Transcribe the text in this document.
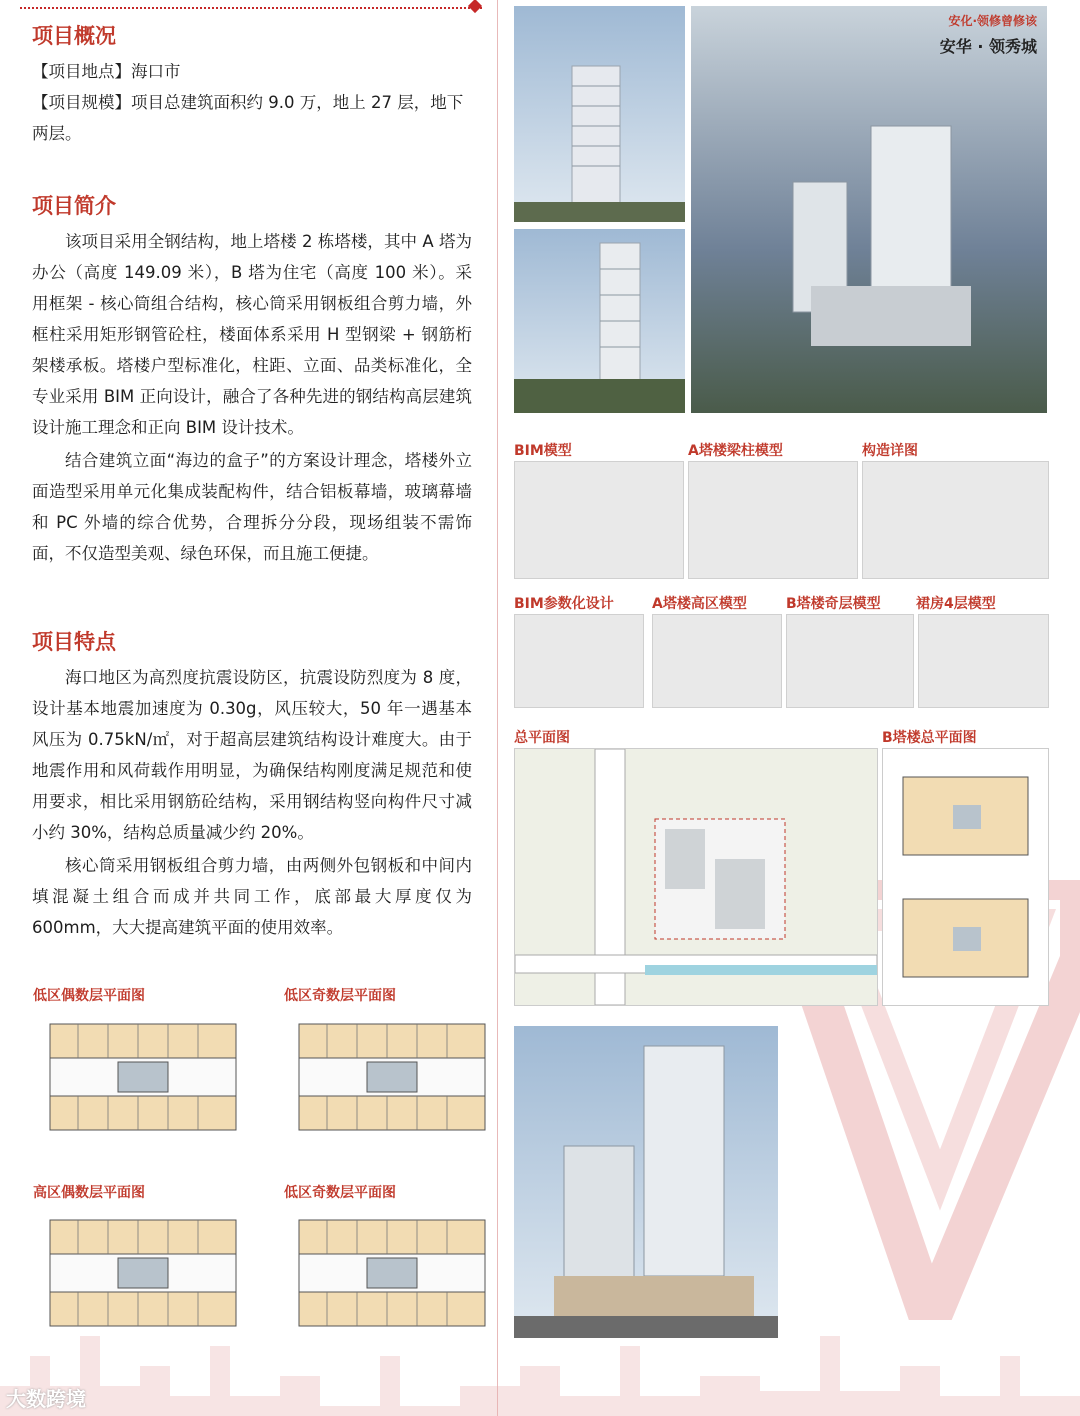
项目概况
【项目地点】海口市
【项目规模】项目总建筑面积约 9.0 万，地上 27 层，地下
两层。
项目简介
该项目采用全钢结构，地上塔楼 2 栋塔楼，其中 A 塔为办公（高度 149.09 米），B 塔为住宅（高度 100 米）。采用框架 - 核心筒组合结构，核心筒采用钢板组合剪力墙，外框柱采用矩形钢管砼柱，楼面体系采用 H 型钢梁 + 钢筋桁架楼承板。塔楼户型标准化，柱距、立面、品类标准化，全专业采用 BIM 正向设计，融合了各种先进的钢结构高层建筑设计施工理念和正向 BIM 设计技术。
结合建筑立面“海边的盒子”的方案设计理念，塔楼外立面造型采用单元化集成装配构件，结合铝板幕墙，玻璃幕墙和 PC 外墙的综合优势，合理拆分分段，现场组装不需饰面，不仅造型美观、绿色环保，而且施工便捷。
项目特点
海口地区为高烈度抗震设防区，抗震设防烈度为 8 度，设计基本地震加速度为 0.30g，风压较大，50 年一遇基本风压为 0.75kN/㎡，对于超高层建筑结构设计难度大。由于地震作用和风荷载作用明显，为确保结构刚度满足规范和使用要求，相比采用钢筋砼结构，采用钢结构竖向构件尺寸减小约 30%，结构总质量减少约 20%。
核心筒采用钢板组合剪力墙，由两侧外包钢板和中间内填混凝土组合而成并共同工作，底部最大厚度仅为 600mm，大大提高建筑平面的使用效率。
低区偶数层平面图	低区奇数层平面图
高区偶数层平面图	低区奇数层平面图
安化·领修曾修该
安华 · 领秀城
BIM模型	A塔楼梁柱模型	构造详图
BIM参数化设计	A塔楼高区模型	B塔楼奇层模型	裙房4层模型
总平面图	B塔楼总平面图
大数跨境
